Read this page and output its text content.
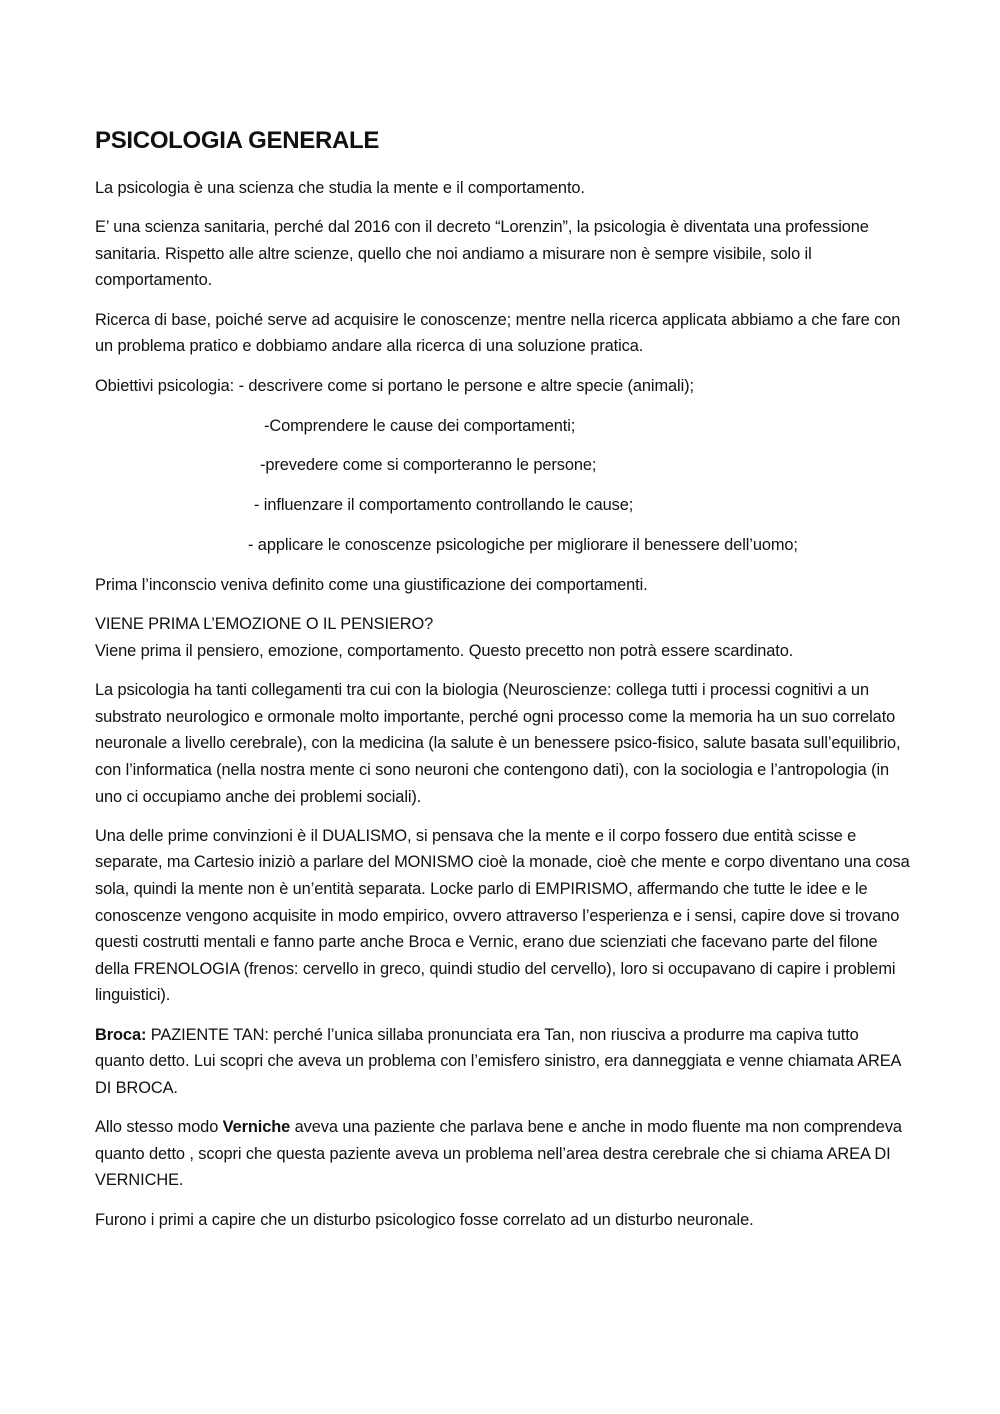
PSICOLOGIA GENERALE

La psicologia è una scienza che studia la mente e il comportamento.

E’ una scienza sanitaria, perché dal 2016 con il decreto “Lorenzin”, la psicologia è diventata una professione sanitaria. Rispetto alle altre scienze, quello che noi andiamo a misurare non è sempre visibile, solo il comportamento.

Ricerca di base, poiché serve ad acquisire le conoscenze; mentre nella ricerca applicata abbiamo a che fare con un problema pratico e dobbiamo andare alla ricerca di una soluzione pratica.

Obiettivi psicologia: - descrivere come si portano le persone e altre specie (animali);

-Comprendere le cause dei comportamenti;

-prevedere come si comporteranno le persone;

- influenzare il comportamento controllando le cause;

- applicare le conoscenze psicologiche per migliorare il benessere dell’uomo;

Prima l’inconscio veniva definito come una giustificazione dei comportamenti.

VIENE PRIMA L’EMOZIONE O IL PENSIERO?

Viene prima il pensiero, emozione, comportamento. Questo precetto non potrà essere scardinato.

La psicologia ha tanti collegamenti tra cui con la biologia (Neuroscienze: collega tutti i processi cognitivi a un substrato neurologico e ormonale molto importante, perché ogni processo come la memoria ha un suo correlato neuronale a livello cerebrale), con la medicina (la salute è un benessere psico-fisico, salute basata sull’equilibrio, con l’informatica (nella nostra mente ci sono neuroni che contengono dati), con la sociologia e l’antropologia (in uno ci occupiamo anche dei problemi sociali).

Una delle prime convinzioni è il DUALISMO, si pensava che la mente e il corpo fossero due entità scisse e separate, ma Cartesio iniziò a parlare del MONISMO cioè la monade, cioè che mente e corpo diventano una cosa sola, quindi la mente non è un’entità separata. Locke parlo di EMPIRISMO, affermando che tutte le idee e le conoscenze vengono acquisite in modo empirico, ovvero attraverso l’esperienza e i sensi, capire dove si trovano questi costrutti mentali e fanno parte anche Broca e Vernic, erano due scienziati che facevano parte del filone della FRENOLOGIA (frenos: cervello in greco, quindi studio del cervello), loro si occupavano di capire i problemi linguistici).

Broca: PAZIENTE TAN: perché l’unica sillaba pronunciata era Tan, non riusciva a produrre ma capiva tutto quanto detto. Lui scopri che aveva un problema con l’emisfero sinistro, era danneggiata e venne chiamata AREA DI BROCA.

Allo stesso modo Verniche aveva una paziente che parlava bene e anche in modo fluente ma non comprendeva quanto detto , scopri che questa paziente aveva un problema nell’area destra cerebrale che si chiama AREA DI VERNICHE.

Furono i primi a capire che un disturbo psicologico fosse correlato ad un disturbo neuronale.
